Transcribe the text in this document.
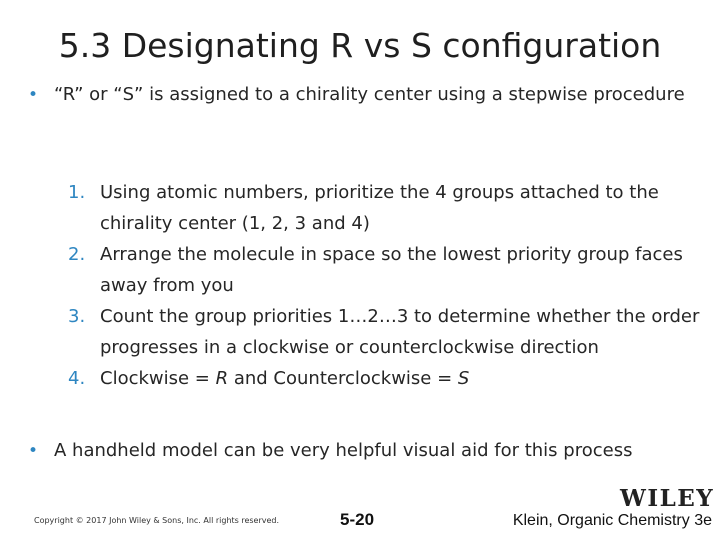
5.3 Designating R vs S configuration
• “R” or “S” is assigned to a chirality center using a stepwise procedure
1. Using atomic numbers, prioritize the 4 groups attached to the chirality center (1, 2, 3 and 4)
2. Arrange the molecule in space so the lowest priority group faces away from you
3. Count the group priorities 1…2…3 to determine whether the order progresses in a clockwise or counterclockwise direction
4. Clockwise = R and Counterclockwise = S
• A handheld model can be very helpful visual aid for this process
WILEY
Copyright © 2017 John Wiley & Sons, Inc. All rights reserved.	5-20	Klein, Organic Chemistry 3e
